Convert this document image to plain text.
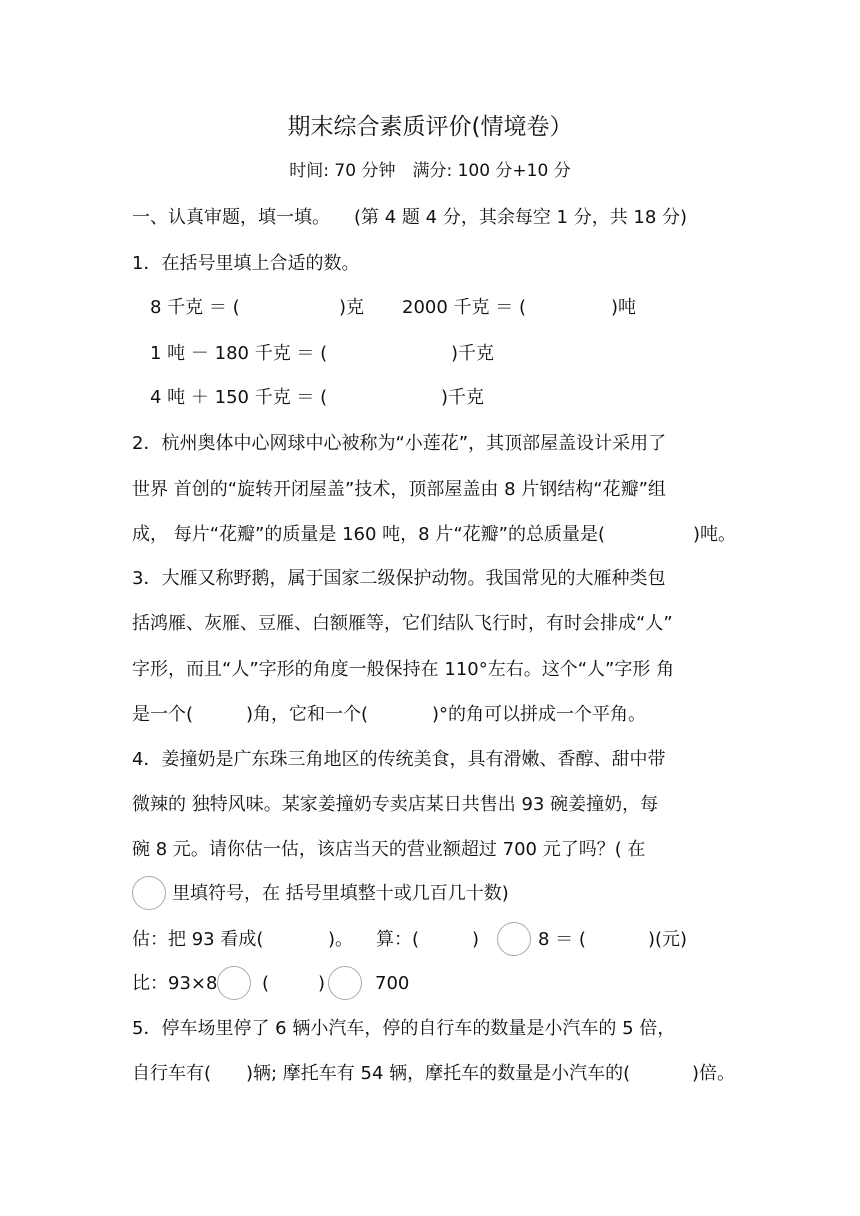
期末综合素质评价(情境卷）
时间: 70 分钟　满分: 100 分+10 分
一、认真审题，填一填。 (第 4 题 4 分，其余每空 1 分，共 18 分)
1．在括号里填上合适的数。
8 千克 ＝ (	)克 2000 千克 ＝ (	)吨
1 吨 － 180 千克 ＝ (	)千克
4 吨 ＋ 150 千克 ＝ (	)千克
2．杭州奥体中心网球中心被称为“小莲花”，其顶部屋盖设计采用了
世界 首创的“旋转开闭屋盖”技术，顶部屋盖由 8 片钢结构“花瓣”组
成， 每片“花瓣”的质量是 160 吨，8 片“花瓣”的总质量是(	)吨。
3．大雁又称野鹅，属于国家二级保护动物。我国常见的大雁种类包
括鸿雁、灰雁、豆雁、白额雁等，它们结队飞行时，有时会排成“人”
字形，而且“人”字形的角度一般保持在 110°左右。这个“人”字形 角
是一个(	)角，它和一个(	)°的角可以拼成一个平角。
4．姜撞奶是广东珠三角地区的传统美食，具有滑嫩、香醇、甜中带
微辣的 独特风味。某家姜撞奶专卖店某日共售出 93 碗姜撞奶，每
碗 8 元。请你估一估，该店当天的营业额超过 700 元了吗？( 在
里填符号，在 括号里填整十或几百几十数)
估：把 93 看成(	)。 算：(	)	8 ＝ (	)(元)
比：93×8 (	)	700
5．停车场里停了 6 辆小汽车，停的自行车的数量是小汽车的 5 倍，
自行车有( )辆; 摩托车有 54 辆，摩托车的数量是小汽车的(	)倍。
